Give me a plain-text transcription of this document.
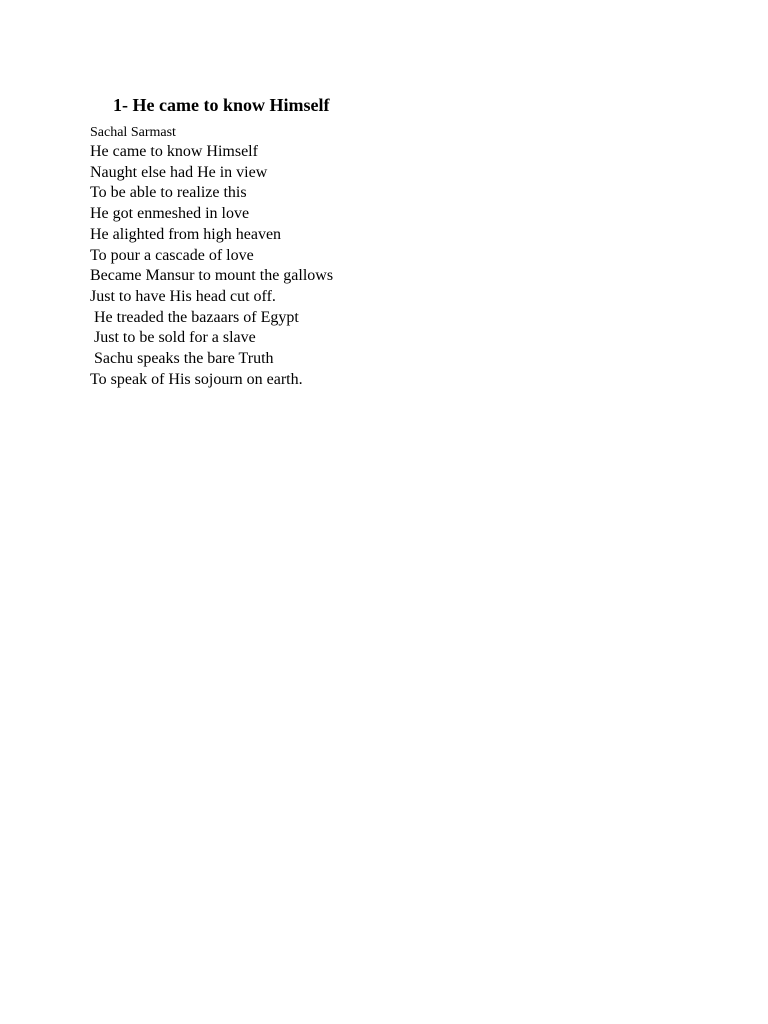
1- He came to know Himself

Sachal Sarmast

He came to know Himself
Naught else had He in view
To be able to realize this
He got enmeshed in love
He alighted from high heaven
To pour a cascade of love
Became Mansur to mount the gallows
Just to have His head cut off.
He treaded the bazaars of Egypt
Just to be sold for a slave
Sachu speaks the bare Truth
To speak of His sojourn on earth.
